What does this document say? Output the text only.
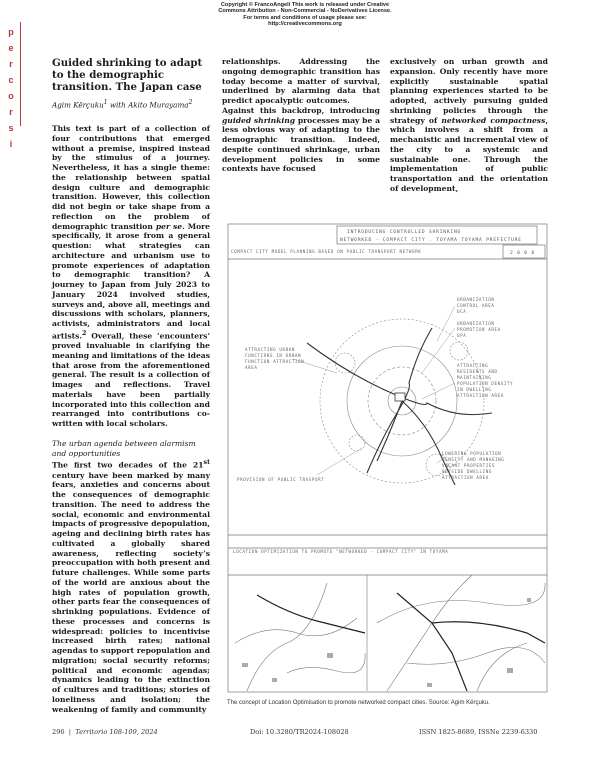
Copyright © FrancoAngeli This work is released under Creative
Commons Attribution - Non-Commercial - NoDerivatives License.
For terms and conditions of usage please see:
http://creativecommons.org
p
e
r
c
o
r
s
i
Guided shrinking to adapt to the demographic transition. The Japan case
Agim Kërçuku$^1$ with Akito Murayama$^2$

This text is part of a collection of four contributions that emerged without a premise, inspired instead by the stimulus of a journey. Nevertheless, it has a single theme: the relationship between spatial design culture and demographic transition. However, this collection did not begin or take shape from a reflection on the problem of demographic transition per se. More specifically, it arose from a general question: what strategies can architecture and urbanism use to promote experiences of adaptation to demographic transition? A journey to Japan from July 2023 to January 2024 involved studies, surveys and, above all, meetings and discussions with scholars, planners, activists, administrators and local artists.$^2$ Overall, these ‘encounters’ proved invaluable in clarifying the meaning and limitations of the ideas that arose from the aforementioned general. The result is a collection of images and reflections. Travel materials have been partially incorporated into this collection and rearranged into contributions co-written with local scholars.

The urban agenda between alarmism and opportunities

The first two decades of the 21st century have been marked by many fears, anxieties and concerns about the consequences of demographic transition. The need to address the social, economic and environmental impacts of progressive depopulation, ageing and declining birth rates has cultivated a globally shared awareness, reflecting society’s preoccupation with both present and future challenges. While some parts of the world are anxious about the high rates of population growth, other parts fear the consequences of shrinking populations. Evidence of these processes and concerns is widespread: policies to incentivise increased birth rates; national agendas to support repopulation and migration; social security reforms; political and economic agendas; dynamics leading to the extinction of cultures and traditions; stories of loneliness and isolation; the weakening of family and community

relationships. Addressing the ongoing demographic transition has today become a matter of survival, underlined by alarming data that predict apocalyptic outcomes.

Against this backdrop, introducing guided shrinking processes may be a less obvious way of adapting to the demographic transition. Indeed, despite continued shrinkage, urban development policies in some contexts have focused

exclusively on urban growth and expansion. Only recently have more explicitly sustainable spatial planning experiences started to be adopted, actively pursuing guided shrinking policies through the strategy of networked compactness, which involves a shift from a mechanistic and incremental view of the city to a systemic and sustainable one. Through the implementation of public transportation and the orientation of development,

INTRODUCING CONTROLLED SHRINKING
NETWORKED - COMPACT CITY . TOYAMA TOYAMA PREFECTURE
COMPACT CITY MODEL PLANNING BASED ON PUBLIC TRANSPORT NETWORK	2 0 0 8
ATTRACTING URBAN
FUNCTIONS IN URBAN
FUNCTION ATTRACTION
AREA
URBANIZATION
CONTROL AREA
UCA
URBANIZATION
PROMOTION AREA
UPA
ATTRACTING
RESIDENTS AND
MAINTAINING
POPULATION DENSITY
IN DWELLING
ATTRACTION AREA
LOWERING POPULATION
DENSITY AND MANAGING
VACANT PROPERTIES
OUTSIDE DWELLING
ATTRACTION AREA
PROVISION OF PUBLIC TRASPORT
LOCATION OPTIMIZATION TO PROMOTE "NETWORKED - COMPACT CITY" IN TOYAMA
The concept of Location Optimisation to promote networked compact cities. Source: Agim Kërçuku.
296 | Territorio 108-109, 2024	Doi: 10.3280/TR2024-108028	ISSN 1825-8689, ISSNe 2239-6330
